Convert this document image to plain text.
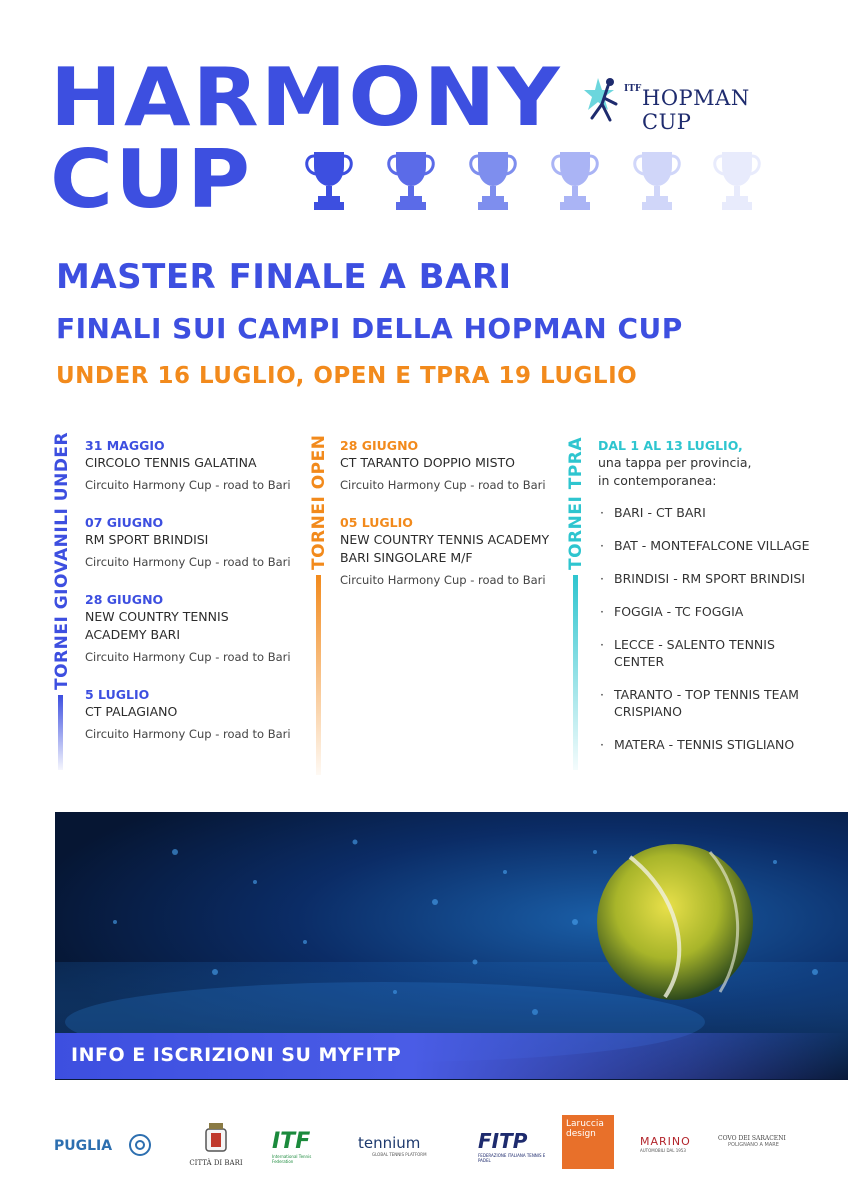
HARMONY
CUP
ITF HOPMAN CUP
MASTER FINALE A BARI
FINALI SUI CAMPI DELLA HOPMAN CUP
UNDER 16 LUGLIO, OPEN E TPRA 19 LUGLIO
TORNEI GIOVANILI UNDER 31 MAGGIO
CIRCOLO TENNIS GALATINA
Circuito Harmony Cup - road to Bari
07 GIUGNO
RM SPORT BRINDISI
Circuito Harmony Cup - road to Bari
28 GIUGNO
NEW COUNTRY TENNIS
ACADEMY BARI
Circuito Harmony Cup - road to Bari
5 LUGLIO
CT PALAGIANO
Circuito Harmony Cup - road to Bari
TORNEI OPEN 28 GIUGNO
CT TARANTO DOPPIO MISTO
Circuito Harmony Cup - road to Bari
05 LUGLIO
NEW COUNTRY TENNIS ACADEMY
BARI SINGOLARE M/F
Circuito Harmony Cup - road to Bari
TORNEI TPRA DAL 1 AL 13 LUGLIO,
una tappa per provincia,
in contemporanea:
· BARI - CT BARI
· BAT - MONTEFALCONE VILLAGE
· BRINDISI - RM SPORT BRINDISI
· FOGGIA - TC FOGGIA
· LECCE - SALENTO TENNIS
CENTER
· TARANTO - TOP TENNIS TEAM
CRISPIANO
· MATERA - TENNIS STIGLIANO
INFO E ISCRIZIONI SU MYFITP
PUGLIA
CITTÀ DI BARI
ITF
International Tennis Federation
tennium
GLOBAL TENNIS PLATFORM
FITP
FEDERAZIONE ITALIANA TENNIS E PADEL
Laruccia
design
MARINO
AUTOMOBILI DAL 1953
COVO DEI SARACENI
POLIGNANO A MARE
